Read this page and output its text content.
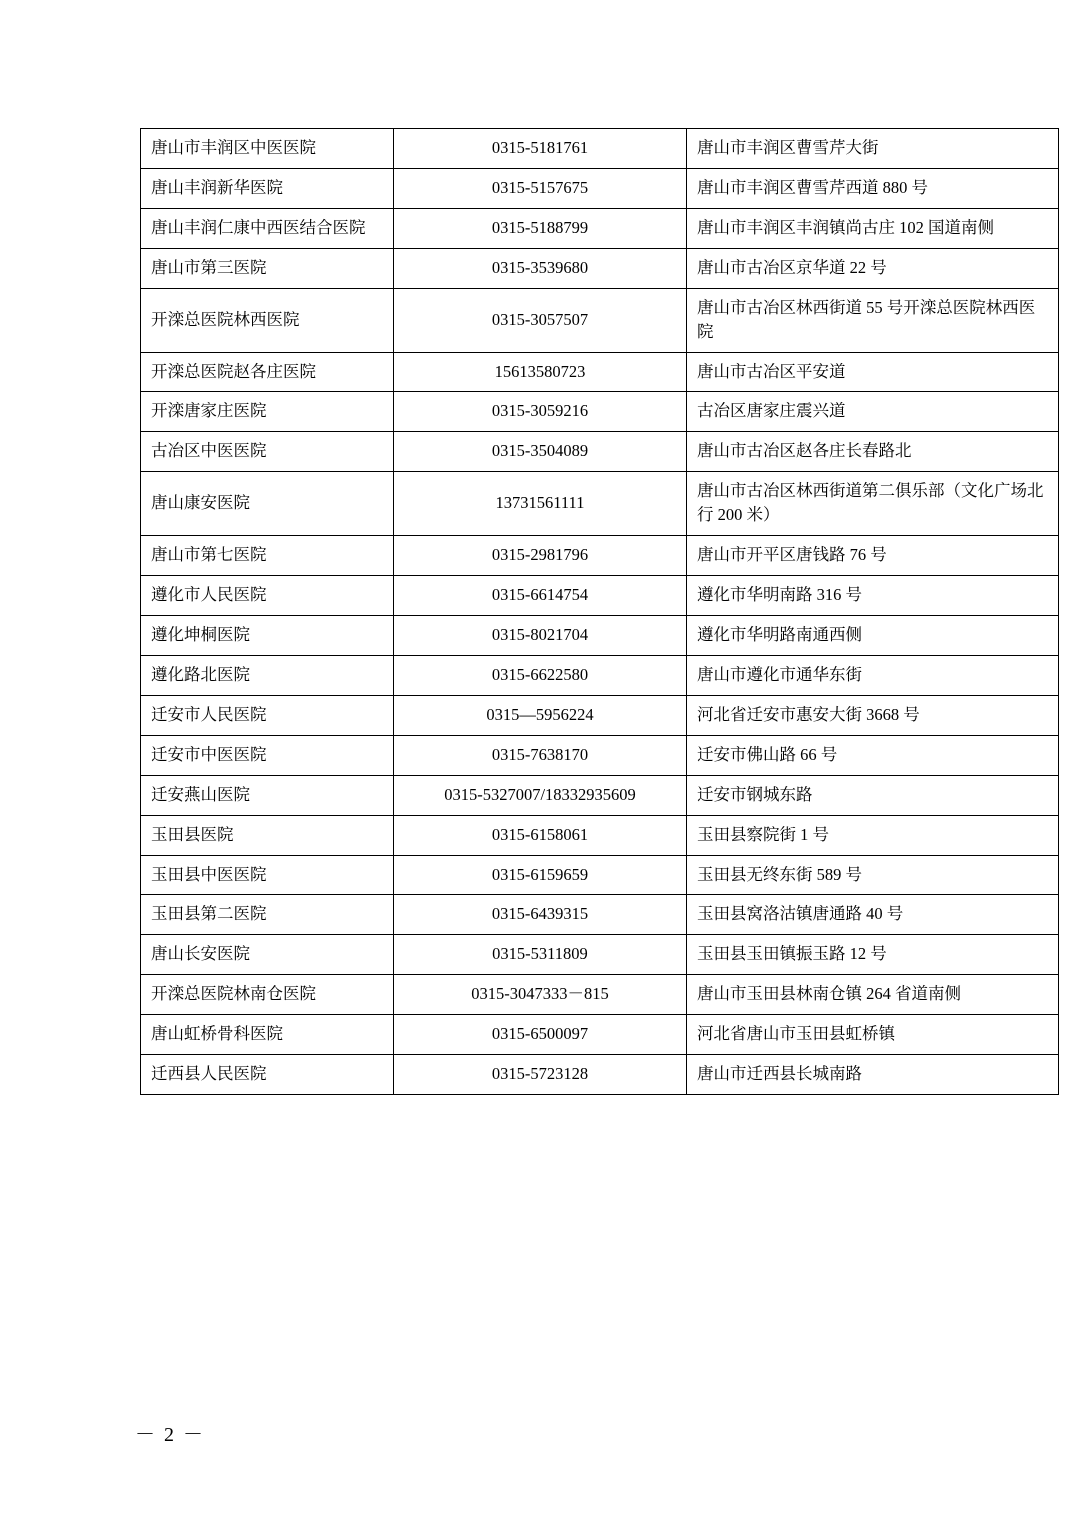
唐山市丰润区中医医院	0315-5181761	唐山市丰润区曹雪芹大街
唐山丰润新华医院	0315-5157675	唐山市丰润区曹雪芹西道 880 号
唐山丰润仁康中西医结合医院	0315-5188799	唐山市丰润区丰润镇尚古庄 102 国道南侧
唐山市第三医院	0315-3539680	唐山市古冶区京华道 22 号
开滦总医院林西医院	0315-3057507	唐山市古冶区林西街道 55 号开滦总医院林西医院
开滦总医院赵各庄医院	15613580723	唐山市古冶区平安道
开滦唐家庄医院	0315-3059216	古冶区唐家庄震兴道
古冶区中医医院	0315-3504089	唐山市古冶区赵各庄长春路北
唐山康安医院	13731561111	唐山市古冶区林西街道第二俱乐部（文化广场北行 200 米）
唐山市第七医院	0315-2981796	唐山市开平区唐钱路 76 号
遵化市人民医院	0315-6614754	遵化市华明南路 316 号
遵化坤桐医院	0315-8021704	遵化市华明路南通西侧
遵化路北医院	0315-6622580	唐山市遵化市通华东街
迁安市人民医院	0315—5956224	河北省迁安市惠安大街 3668 号
迁安市中医医院	0315-7638170	迁安市佛山路 66 号
迁安燕山医院	0315-5327007/18332935609	迁安市钢城东路
玉田县医院	0315-6158061	玉田县察院街 1 号
玉田县中医医院	0315-6159659	玉田县无终东街 589 号
玉田县第二医院	0315-6439315	玉田县窝洛沽镇唐通路 40 号
唐山长安医院	0315-5311809	玉田县玉田镇振玉路 12 号
开滦总医院林南仓医院	0315-3047333－815	唐山市玉田县林南仓镇 264 省道南侧
唐山虹桥骨科医院	0315-6500097	河北省唐山市玉田县虹桥镇
迁西县人民医院	0315-5723128	唐山市迁西县长城南路
－ 2 －
